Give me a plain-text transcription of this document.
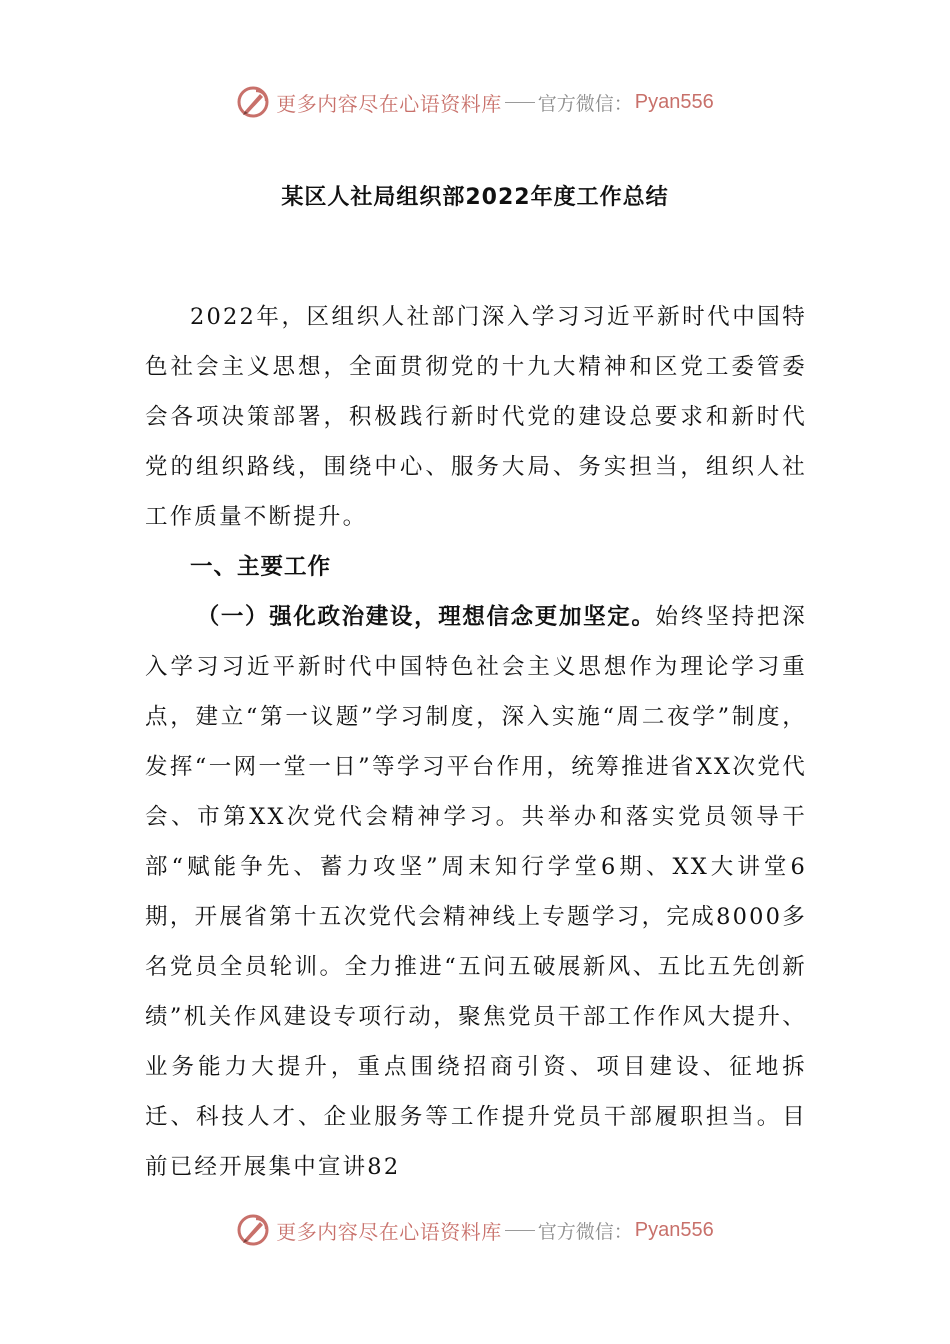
更多内容尽在心语资料库 官方微信： Pyan556
某区人社局组织部2022年度工作总结

2022年，区组织人社部门深入学习习近平新时代中国特色社会主义思想，全面贯彻党的十九大精神和区党工委管委会各项决策部署，积极践行新时代党的建设总要求和新时代党的组织路线，围绕中心、服务大局、务实担当，组织人社工作质量不断提升。

一、主要工作

（一）强化政治建设，理想信念更加坚定。始终坚持把深入学习习近平新时代中国特色社会主义思想作为理论学习重点，建立“第一议题”学习制度，深入实施“周二夜学”制度，发挥“一网一堂一日”等学习平台作用，统筹推进省XX次党代会、市第XX次党代会精神学习。共举办和落实党员领导干部“赋能争先、蓄力攻坚”周末知行学堂6期、XX大讲堂6期，开展省第十五次党代会精神线上专题学习，完成8000多名党员全员轮训。全力推进“五问五破展新风、五比五先创新绩”机关作风建设专项行动，聚焦党员干部工作作风大提升、业务能力大提升，重点围绕招商引资、项目建设、征地拆迁、科技人才、企业服务等工作提升党员干部履职担当。目前已经开展集中宣讲82

更多内容尽在心语资料库 官方微信： Pyan556
